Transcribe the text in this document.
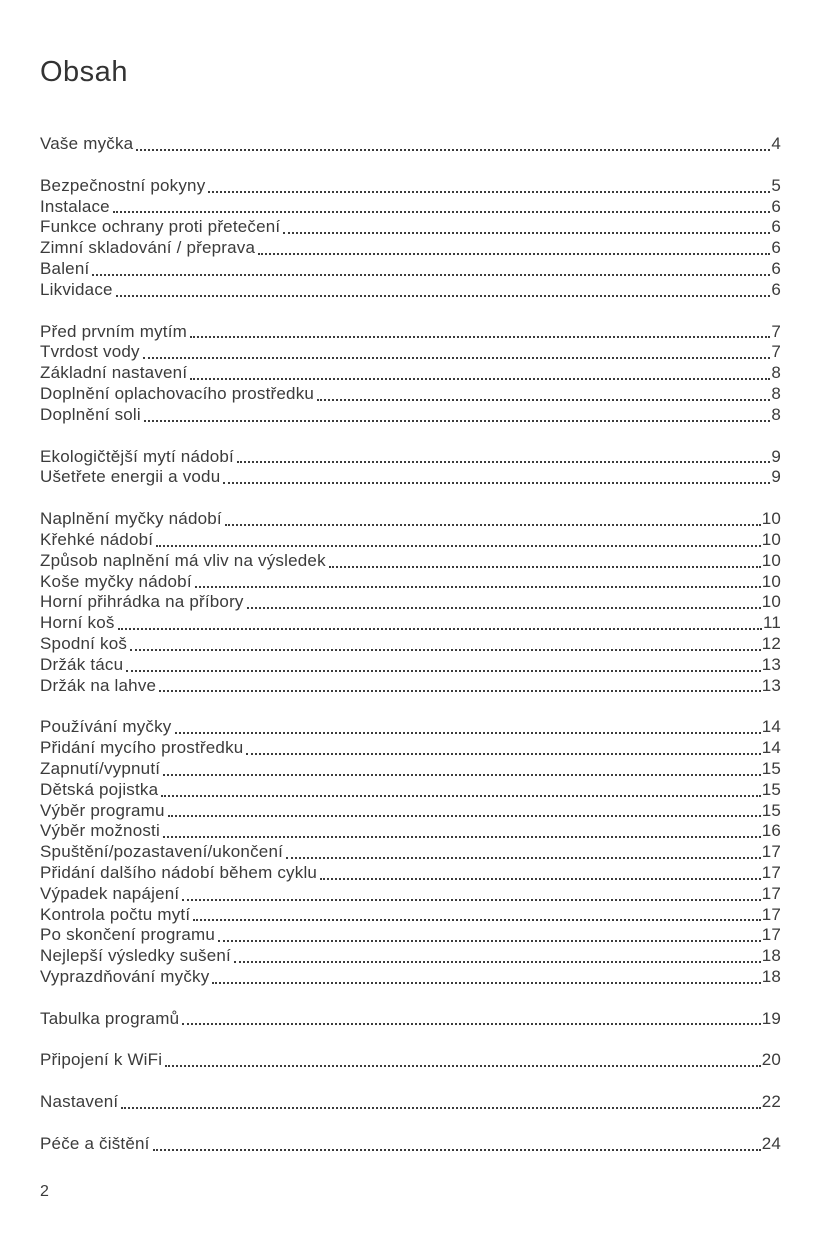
Obsah
Vaše myčka	4
Bezpečnostní pokyny	5
Instalace	6
Funkce ochrany proti přetečení	6
Zimní skladování / přeprava	6
Balení	6
Likvidace	6
Před prvním mytím	7
Tvrdost vody	7
Základní nastavení	8
Doplnění oplachovacího prostředku	8
Doplnění soli	8
Ekologičtější mytí nádobí	9
Ušetřete energii a vodu	9
Naplnění myčky nádobí	10
Křehké nádobí	10
Způsob naplnění má vliv na výsledek	10
Koše myčky nádobí	10
Horní přihrádka na příbory	10
Horní koš	11
Spodní koš	12
Držák tácu	13
Držák na lahve	13
Používání myčky	14
Přidání mycího prostředku	14
Zapnutí/vypnutí	15
Dětská pojistka	15
Výběr programu	15
Výběr možnosti	16
Spuštění/pozastavení/ukončení	17
Přidání dalšího nádobí během cyklu	17
Výpadek napájení	17
Kontrola počtu mytí	17
Po skončení programu	17
Nejlepší výsledky sušení	18
Vyprazdňování myčky	18
Tabulka programů	19
Připojení k WiFi	20
Nastavení	22
Péče a čištění	24
2
